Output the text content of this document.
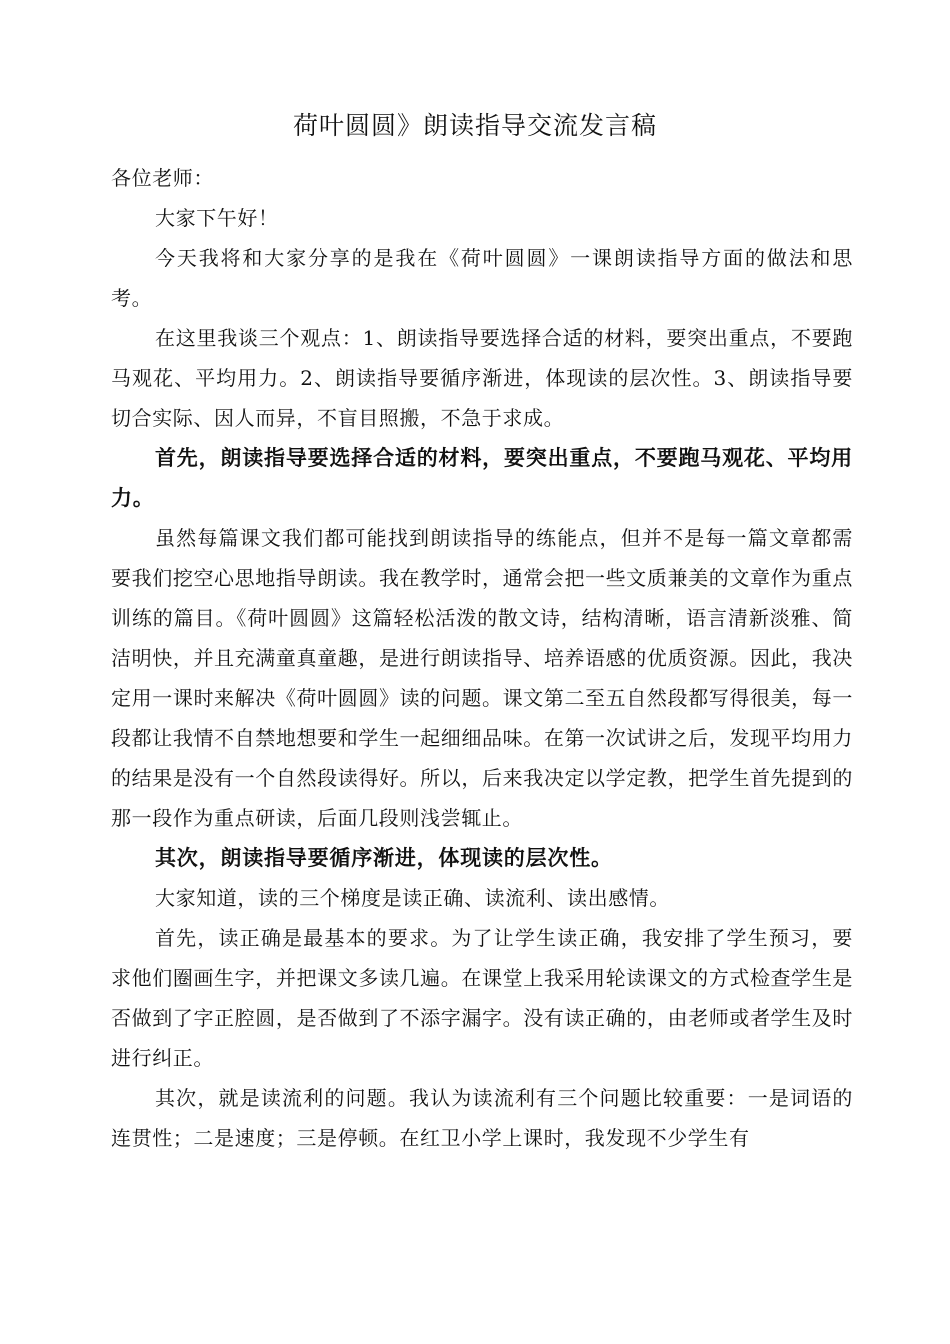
荷叶圆圆》朗读指导交流发言稿

各位老师：

大家下午好！

今天我将和大家分享的是我在《荷叶圆圆》一课朗读指导方面的做法和思考。

在这里我谈三个观点：1、朗读指导要选择合适的材料，要突出重点，不要跑马观花、平均用力。2、朗读指导要循序渐进，体现读的层次性。3、朗读指导要切合实际、因人而异，不盲目照搬，不急于求成。

首先，朗读指导要选择合适的材料，要突出重点，不要跑马观花、平均用力。

虽然每篇课文我们都可能找到朗读指导的练能点，但并不是每一篇文章都需要我们挖空心思地指导朗读。我在教学时，通常会把一些文质兼美的文章作为重点训练的篇目。《荷叶圆圆》这篇轻松活泼的散文诗，结构清晰，语言清新淡雅、简洁明快，并且充满童真童趣，是进行朗读指导、培养语感的优质资源。因此，我决定用一课时来解决《荷叶圆圆》读的问题。课文第二至五自然段都写得很美，每一段都让我情不自禁地想要和学生一起细细品味。在第一次试讲之后，发现平均用力的结果是没有一个自然段读得好。所以，后来我决定以学定教，把学生首先提到的那一段作为重点研读，后面几段则浅尝辄止。

其次，朗读指导要循序渐进，体现读的层次性。

大家知道，读的三个梯度是读正确、读流利、读出感情。

首先，读正确是最基本的要求。为了让学生读正确，我安排了学生预习，要求他们圈画生字，并把课文多读几遍。在课堂上我采用轮读课文的方式检查学生是否做到了字正腔圆，是否做到了不添字漏字。没有读正确的，由老师或者学生及时进行纠正。

其次，就是读流利的问题。我认为读流利有三个问题比较重要：一是词语的连贯性；二是速度；三是停顿。在红卫小学上课时，我发现不少学生有
